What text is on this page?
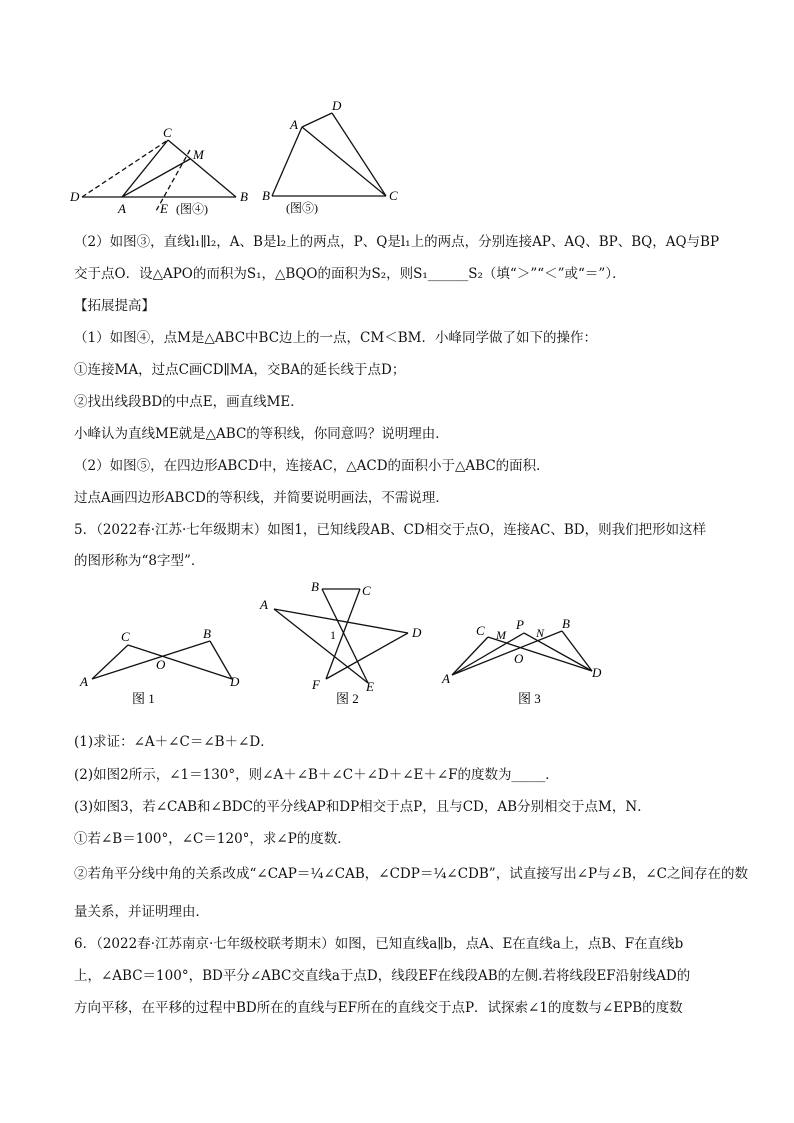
C
M
D
A	E
B
(图④)
D
A
B	C
(图⑤)
（2）如图③，直线l₁∥l₂，A、B是l₂上的两点，P、Q是l₁上的两点，分别连接AP、AQ、BP、BQ，AQ与BP
交于点O．设△APO的而积为S₁，△BQO的面积为S₂，则S₁______S₂（填“＞”“＜”或“＝”）．
【拓展提高】
（1）如图④，点M是△ABC中BC边上的一点，CM＜BM．小峰同学做了如下的操作：
①连接MA，过点C画CD∥MA，交BA的延长线于点D；
②找出线段BD的中点E，画直线ME．
小峰认为直线ME就是△ABC的等积线，你同意吗？说明理由．
（2）如图⑤，在四边形ABCD中，连接AC，△ACD的面积小于△ABC的面积．
过点A画四边形ABCD的等积线，并简要说明画法，不需说理．
5．（2022春·江苏·七年级期末）如图1，已知线段AB、CD相交于点O，连接AC、BD，则我们把形如这样
的图形称为“8字型”．
C	B
O
A	D
图 1
B	C
A
D
1
F	E
图 2
C M
P
N
B
O
A	D
图 3
(1)求证：∠A＋∠C＝∠B＋∠D．
(2)如图2所示，∠1＝130°，则∠A＋∠B＋∠C＋∠D＋∠E＋∠F的度数为_____．
(3)如图3，若∠CAB和∠BDC的平分线AP和DP相交于点P，且与CD，AB分别相交于点M，N．
①若∠B＝100°，∠C＝120°，求∠P的度数．
②若角平分线中角的关系改成“∠CAP＝¼∠CAB，∠CDP＝¼∠CDB”，试直接写出∠P与∠B，∠C之间存在的数
量关系，并证明理由．
6．（2022春·江苏南京·七年级校联考期末）如图，已知直线a∥b，点A、E在直线a上，点B、F在直线b
上，∠ABC＝100°，BD平分∠ABC交直线a于点D，线段EF在线段AB的左侧.若将线段EF沿射线AD的
方向平移，在平移的过程中BD所在的直线与EF所在的直线交于点P．试探索∠1的度数与∠EPB的度数
